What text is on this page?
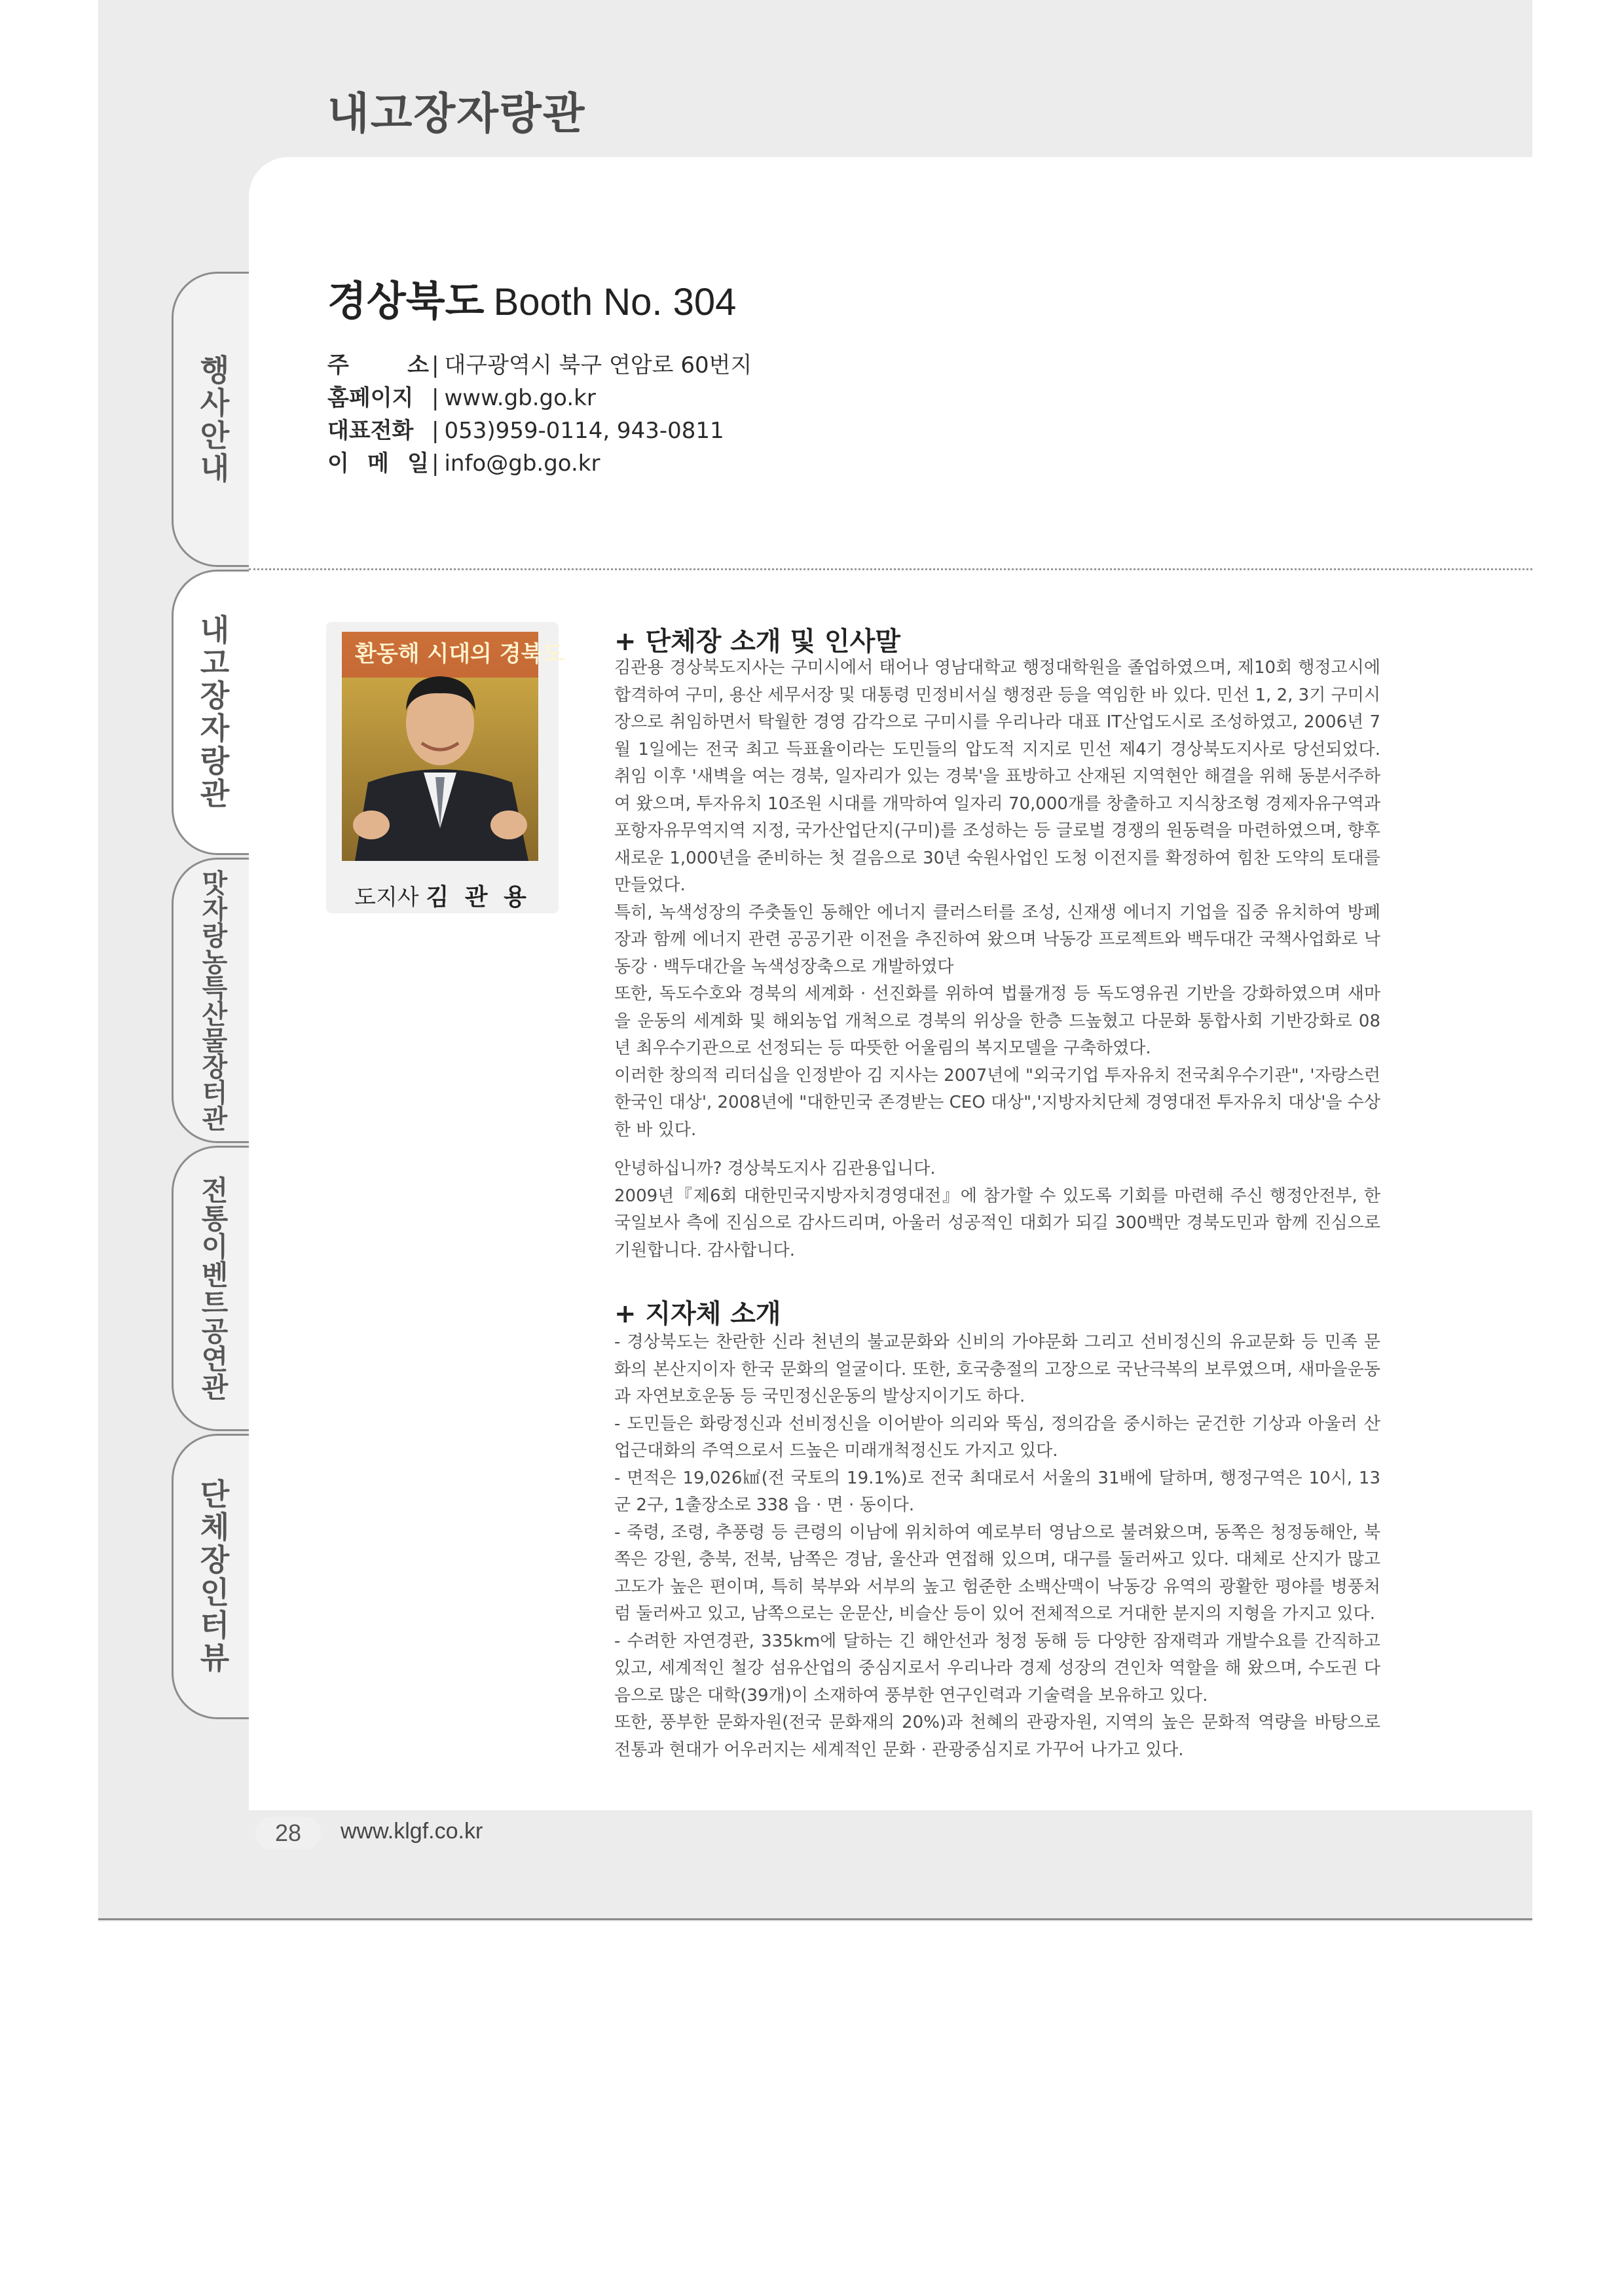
내고장자랑관
행사안내
내고장자랑관
맛자랑농특산물장터관
전통이벤트공연관
단체장인터뷰
경상북도 Booth No. 304
주　　소 | 대구광역시 북구 연암로 60번지
홈페이지 | www.gb.go.kr
대표전화 | 053)959-0114, 943-0811
이 메 일 | info@gb.go.kr
환동해 시대의 경북도
도지사 김 관 용
+ 단체장 소개 및 인사말

김관용 경상북도지사는 구미시에서 태어나 영남대학교 행정대학원을 졸업하였으며, 제10회 행정고시에 합격하여 구미, 용산 세무서장 및 대통령 민정비서실 행정관 등을 역임한 바 있다. 민선 1, 2, 3기 구미시장으로 취임하면서 탁월한 경영 감각으로 구미시를 우리나라 대표 IT산업도시로 조성하였고, 2006년 7월 1일에는 전국 최고 득표율이라는 도민들의 압도적 지지로 민선 제4기 경상북도지사로 당선되었다. 취임 이후 '새벽을 여는 경북, 일자리가 있는 경북'을 표방하고 산재된 지역현안 해결을 위해 동분서주하여 왔으며, 투자유치 10조원 시대를 개막하여 일자리 70,000개를 창출하고 지식창조형 경제자유구역과 포항자유무역지역 지정, 국가산업단지(구미)를 조성하는 등 글로벌 경쟁의 원동력을 마련하였으며, 향후 새로운 1,000년을 준비하는 첫 걸음으로 30년 숙원사업인 도청 이전지를 확정하여 힘찬 도약의 토대를 만들었다.

특히, 녹색성장의 주춧돌인 동해안 에너지 클러스터를 조성, 신재생 에너지 기업을 집중 유치하여 방폐장과 함께 에너지 관련 공공기관 이전을 추진하여 왔으며 낙동강 프로젝트와 백두대간 국책사업화로 낙동강 · 백두대간을 녹색성장축으로 개발하였다

또한, 독도수호와 경북의 세계화 · 선진화를 위하여 법률개정 등 독도영유권 기반을 강화하였으며 새마을 운동의 세계화 및 해외농업 개척으로 경북의 위상을 한층 드높혔고 다문화 통합사회 기반강화로 08년 최우수기관으로 선정되는 등 따뜻한 어울림의 복지모델을 구축하였다.

이러한 창의적 리더십을 인정받아 김 지사는 2007년에 "외국기업 투자유치 전국최우수기관", '자랑스런 한국인 대상', 2008년에 "대한민국 존경받는 CEO 대상",'지방자치단체 경영대전 투자유치 대상'을 수상한 바 있다.

안녕하십니까? 경상북도지사 김관용입니다.

2009년『제6회 대한민국지방자치경영대전』에 참가할 수 있도록 기회를 마련해 주신 행정안전부, 한국일보사 측에 진심으로 감사드리며, 아울러 성공적인 대회가 되길 300백만 경북도민과 함께 진심으로 기원합니다. 감사합니다.

+ 지자체 소개

- 경상북도는 찬란한 신라 천년의 불교문화와 신비의 가야문화 그리고 선비정신의 유교문화 등 민족 문화의 본산지이자 한국 문화의 얼굴이다. 또한, 호국충절의 고장으로 국난극복의 보루였으며, 새마을운동과 자연보호운동 등 국민정신운동의 발상지이기도 하다.

- 도민들은 화랑정신과 선비정신을 이어받아 의리와 뚝심, 정의감을 중시하는 굳건한 기상과 아울러 산업근대화의 주역으로서 드높은 미래개척정신도 가지고 있다.

- 면적은 19,026㎢(전 국토의 19.1%)로 전국 최대로서 서울의 31배에 달하며, 행정구역은 10시, 13군 2구, 1출장소로 338 읍 · 면 · 동이다.

- 죽령, 조령, 추풍령 등 큰령의 이남에 위치하여 예로부터 영남으로 불려왔으며, 동쪽은 청정동해안, 북쪽은 강원, 충북, 전북, 남쪽은 경남, 울산과 연접해 있으며, 대구를 둘러싸고 있다. 대체로 산지가 많고 고도가 높은 편이며, 특히 북부와 서부의 높고 험준한 소백산맥이 낙동강 유역의 광활한 평야를 병풍처럼 둘러싸고 있고, 남쪽으로는 운문산, 비슬산 등이 있어 전체적으로 거대한 분지의 지형을 가지고 있다.

- 수려한 자연경관, 335km에 달하는 긴 해안선과 청정 동해 등 다양한 잠재력과 개발수요를 간직하고 있고, 세계적인 철강 섬유산업의 중심지로서 우리나라 경제 성장의 견인차 역할을 해 왔으며, 수도권 다음으로 많은 대학(39개)이 소재하여 풍부한 연구인력과 기술력을 보유하고 있다.

또한, 풍부한 문화자원(전국 문화재의 20%)과 천혜의 관광자원, 지역의 높은 문화적 역량을 바탕으로 전통과 현대가 어우러지는 세계적인 문화 · 관광중심지로 가꾸어 나가고 있다.

28	www.klgf.co.kr
